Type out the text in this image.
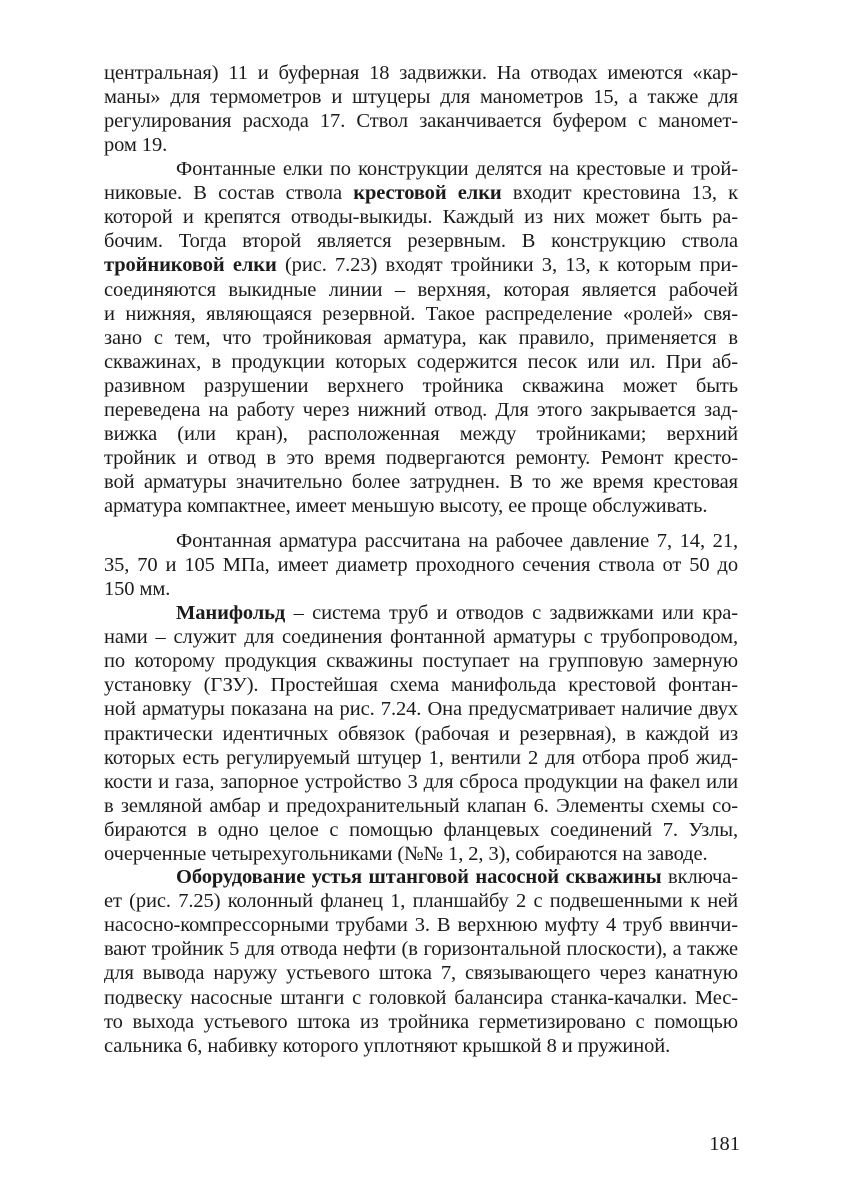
центральная) 11 и буферная 18 задвижки. На отводах имеются «кар-
маны» для термометров и штуцеры для манометров 15, а также для
регулирования расхода 17. Ствол заканчивается буфером с маномет-
ром 19.
Фонтанные елки по конструкции делятся на крестовые и трой-
никовые. В состав ствола крестовой елки входит крестовина 13, к
которой и крепятся отводы-выкиды. Каждый из них может быть ра-
бочим. Тогда второй является резервным. В конструкцию ствола
тройниковой елки (рис. 7.23) входят тройники 3, 13, к которым при-
соединяются выкидные линии – верхняя, которая является рабочей
и нижняя, являющаяся резервной. Такое распределение «ролей» свя-
зано с тем, что тройниковая арматура, как правило, применяется в
скважинах, в продукции которых содержится песок или ил. При аб-
разивном разрушении верхнего тройника скважина может быть
переведена на работу через нижний отвод. Для этого закрывается зад-
вижка (или кран), расположенная между тройниками; верхний
тройник и отвод в это время подвергаются ремонту. Ремонт кресто-
вой арматуры значительно более затруднен. В то же время крестовая
арматура компактнее, имеет меньшую высоту, ее проще обслуживать.
Фонтанная арматура рассчитана на рабочее давление 7, 14, 21,
35, 70 и 105 МПа, имеет диаметр проходного сечения ствола от 50 до
150 мм.
Манифольд – система труб и отводов с задвижками или кра-
нами – служит для соединения фонтанной арматуры с трубопроводом,
по которому продукция скважины поступает на групповую замерную
установку (ГЗУ). Простейшая схема манифольда крестовой фонтан-
ной арматуры показана на рис. 7.24. Она предусматривает наличие двух
практически идентичных обвязок (рабочая и резервная), в каждой из
которых есть регулируемый штуцер 1, вентили 2 для отбора проб жид-
кости и газа, запорное устройство 3 для сброса продукции на факел или
в земляной амбар и предохранительный клапан 6. Элементы схемы со-
бираются в одно целое с помощью фланцевых соединений 7. Узлы,
очерченные четырехугольниками (№№ 1, 2, 3), собираются на заводе.
Оборудование устья штанговой насосной скважины включа-
ет (рис. 7.25) колонный фланец 1, планшайбу 2 с подвешенными к ней
насосно-компрессорными трубами 3. В верхнюю муфту 4 труб ввинчи-
вают тройник 5 для отвода нефти (в горизонтальной плоскости), а также
для вывода наружу устьевого штока 7, связывающего через канатную
подвеску насосные штанги с головкой балансира станка-качалки. Мес-
то выхода устьевого штока из тройника герметизировано с помощью
сальника 6, набивку которого уплотняют крышкой 8 и пружиной.
181
